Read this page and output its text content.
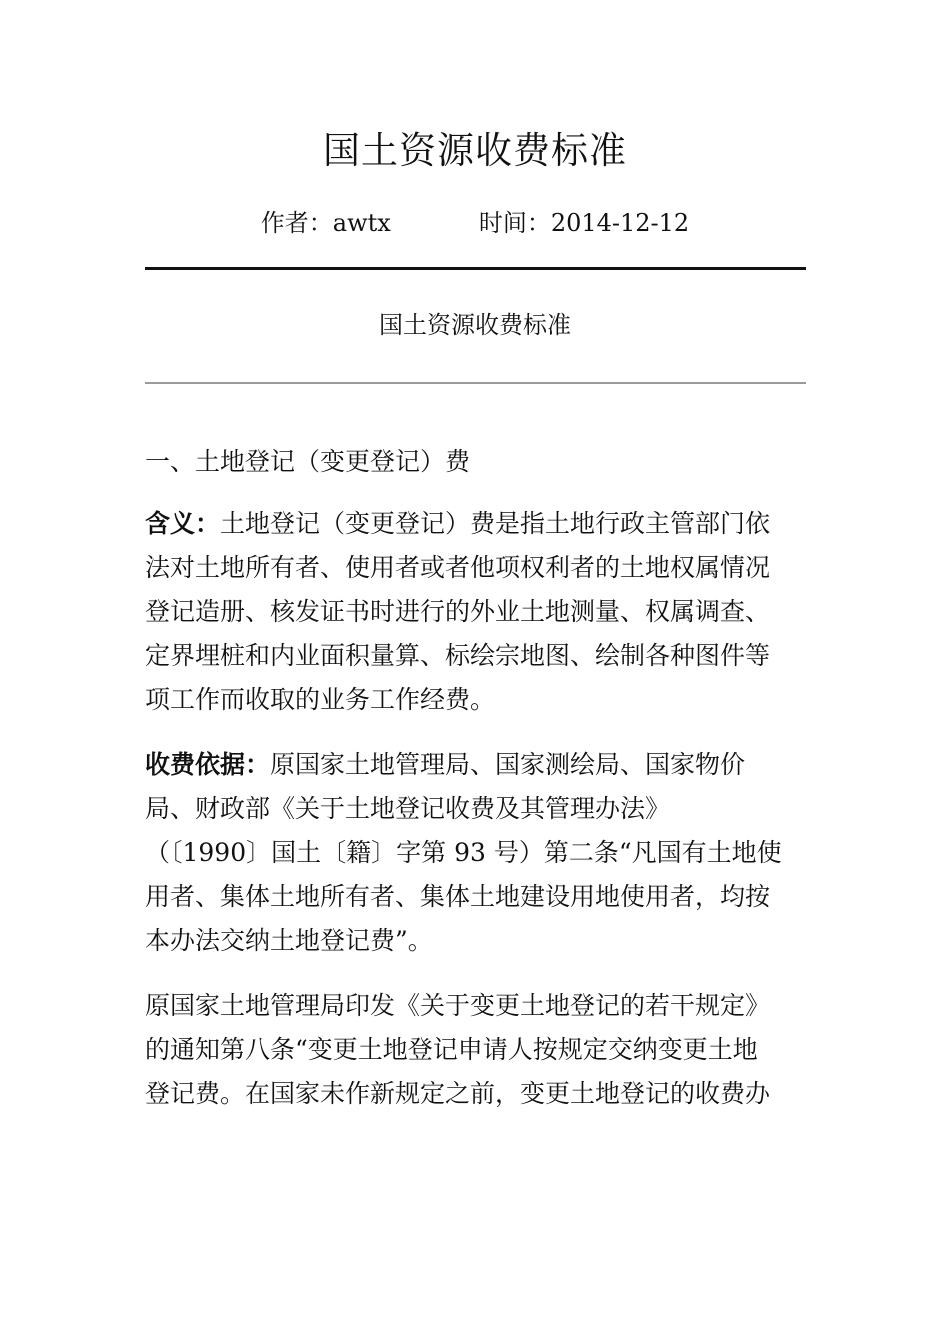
国土资源收费标准
作者：awtx	时间：2014-12-12
国土资源收费标准

一、土地登记（变更登记）费

含义：土地登记（变更登记）费是指土地行政主管部门依
法对土地所有者、使用者或者他项权利者的土地权属情况
登记造册、核发证书时进行的外业土地测量、权属调查、
定界埋桩和内业面积量算、标绘宗地图、绘制各种图件等
项工作而收取的业务工作经费。

收费依据：原国家土地管理局、国家测绘局、国家物价
局、财政部《关于土地登记收费及其管理办法》
（〔1990〕国土〔籍〕字第 93 号）第二条“凡国有土地使
用者、集体土地所有者、集体土地建设用地使用者，均按
本办法交纳土地登记费”。

原国家土地管理局印发《关于变更土地登记的若干规定》
的通知第八条“变更土地登记申请人按规定交纳变更土地
登记费。在国家未作新规定之前，变更土地登记的收费办
